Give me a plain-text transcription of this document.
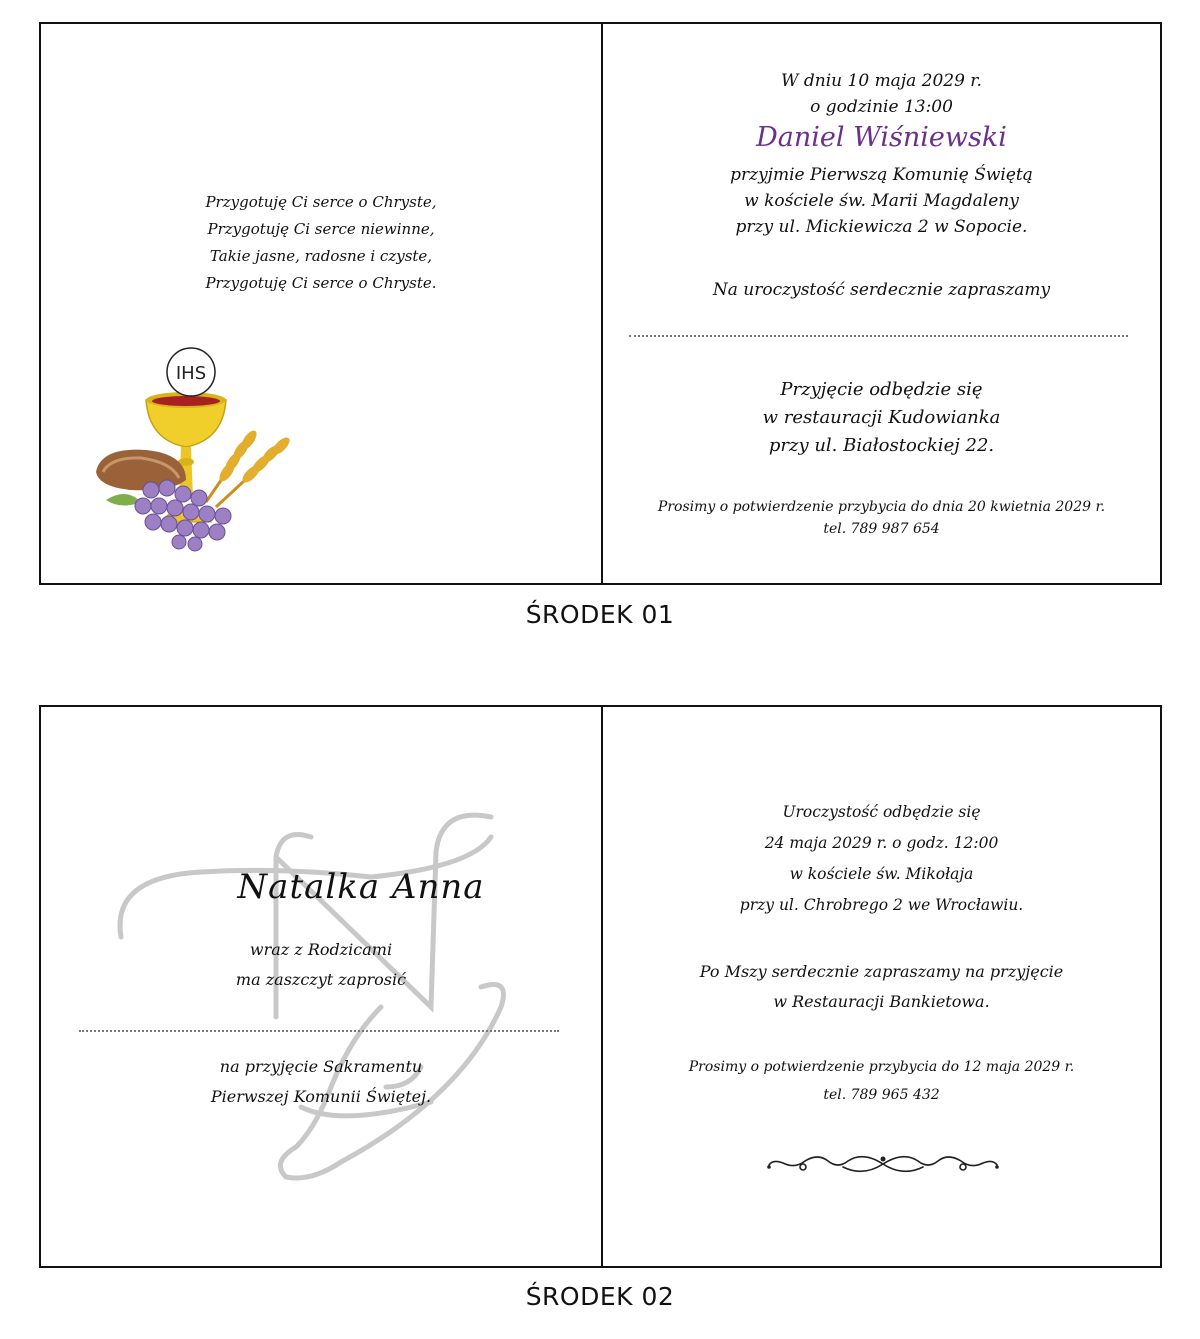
Przygotuję Ci serce o Chryste,
Przygotuję Ci serce niewinne,
Takie jasne, radosne i czyste,
Przygotuję Ci serce o Chryste.
IHS
W dniu 10 maja 2029 r.
o godzinie 13:00
Daniel Wiśniewski
przyjmie Pierwszą Komunię Świętą
w kościele św. Marii Magdaleny
przy ul. Mickiewicza 2 w Sopocie.
Na uroczystość serdecznie zapraszamy
Przyjęcie odbędzie się
w restauracji Kudowianka
przy ul. Białostockiej 22.
Prosimy o potwierdzenie przybycia do dnia 20 kwietnia 2029 r.
tel. 789 987 654
ŚRODEK 01
Natalka Anna
wraz z Rodzicami
ma zaszczyt zaprosić
na przyjęcie Sakramentu
Pierwszej Komunii Świętej.
Uroczystość odbędzie się
24 maja 2029 r. o godz. 12:00
w kościele św. Mikołaja
przy ul. Chrobrego 2 we Wrocławiu.
Po Mszy serdecznie zapraszamy na przyjęcie
w Restauracji Bankietowa.
Prosimy o potwierdzenie przybycia do 12 maja 2029 r.
tel. 789 965 432
ŚRODEK 02
